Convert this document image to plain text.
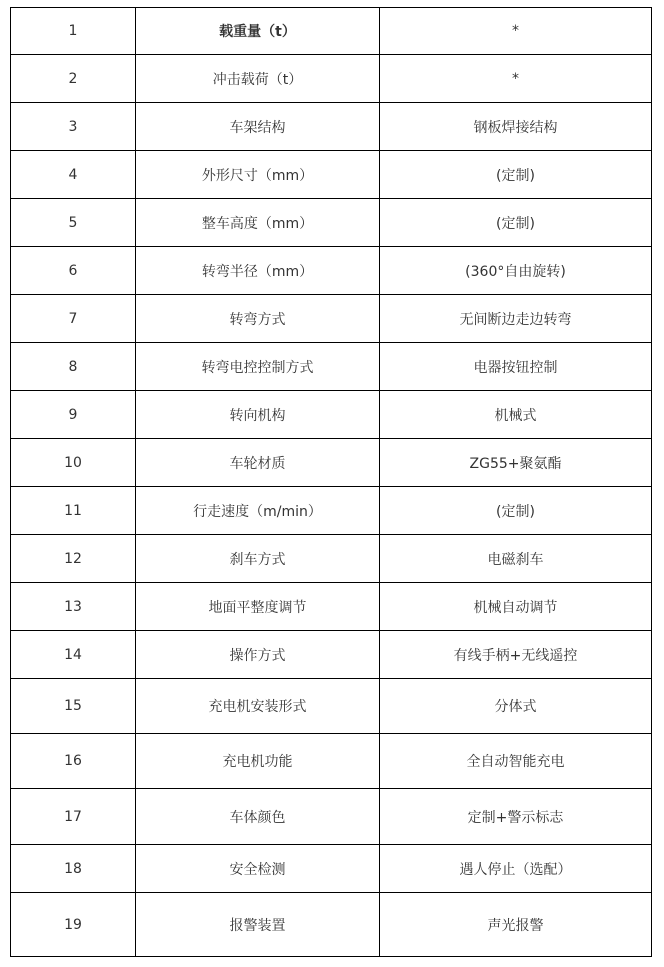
1	载重量（t）	*
2	冲击载荷（t）	*
3	车架结构	钢板焊接结构
4	外形尺寸（mm）	(定制)
5	整车高度（mm）	(定制)
6	转弯半径（mm）	(360°自由旋转)
7	转弯方式	无间断边走边转弯
8	转弯电控控制方式	电器按钮控制
9	转向机构	机械式
10	车轮材质	ZG55+聚氨酯
11	行走速度（m/min）	(定制)
12	刹车方式	电磁刹车
13	地面平整度调节	机械自动调节
14	操作方式	有线手柄+无线遥控
15	充电机安装形式	分体式
16	充电机功能	全自动智能充电
17	车体颜色	定制+警示标志
18	安全检测	遇人停止（选配）
19	报警装置	声光报警
